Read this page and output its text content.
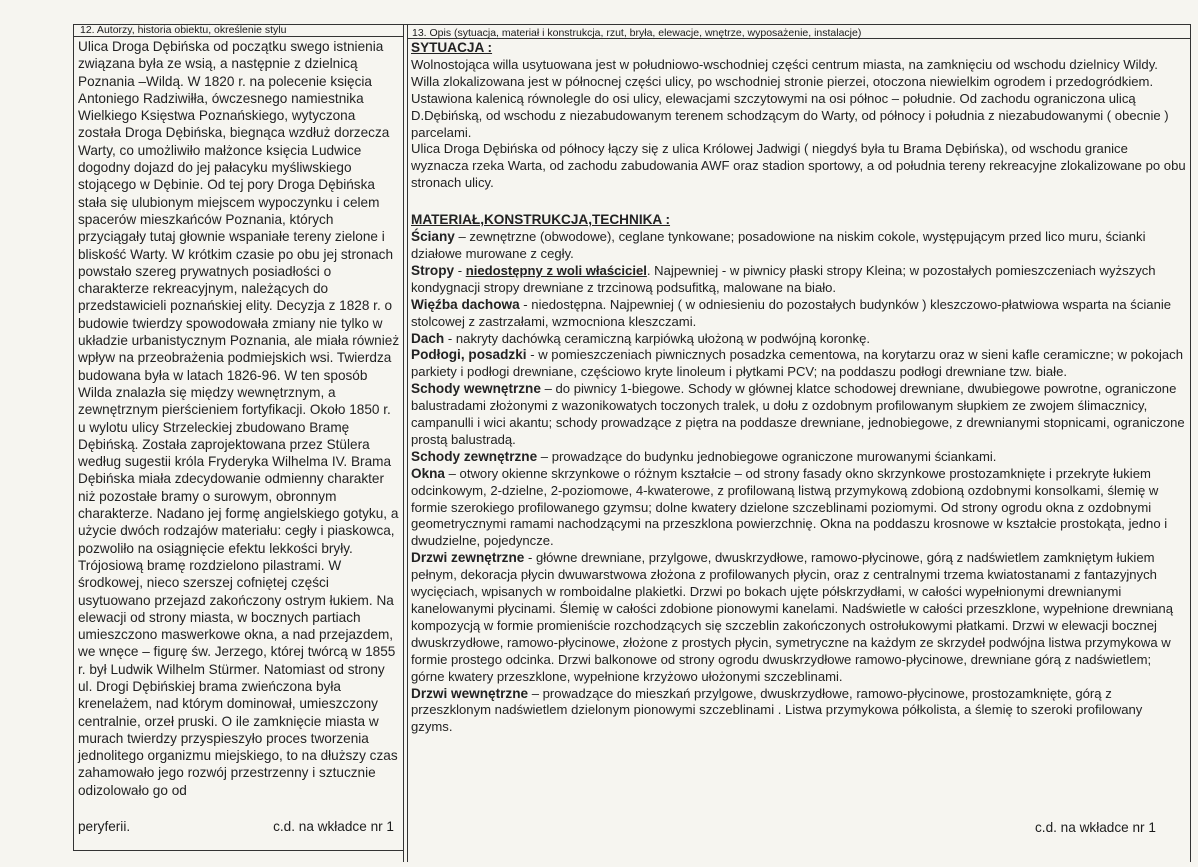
12. Autorzy, historia obiektu, określenie stylu	13. Opis (sytuacja, materiał i konstrukcja, rzut, bryła, elewacje, wnętrze, wyposażenie, instalacje)

Ulica Droga Dębińska od początku swego istnienia związana była ze wsią, a następnie z dzielnicą Poznania –Wildą. W 1820 r. na polecenie księcia Antoniego Radziwiłła, ówczesnego namiestnika Wielkiego Księstwa Poznańskiego, wytyczona została Droga Dębińska, biegnąca wzdłuż dorzecza Warty, co umożliwiło małżonce księcia Ludwice dogodny dojazd do jej pałacyku myśliwskiego stojącego w Dębinie. Od tej pory Droga Dębińska stała się ulubionym miejscem wypoczynku i celem spacerów mieszkańców Poznania, których przyciągały tutaj głownie wspaniałe tereny zielone i bliskość Warty. W krótkim czasie po obu jej stronach powstało szereg prywatnych posiadłości o charakterze rekreacyjnym, należących do przedstawicieli poznańskiej elity. Decyzja z 1828 r. o budowie twierdzy spowodowała zmiany nie tylko w układzie urbanistycznym Poznania, ale miała również wpływ na przeobrażenia podmiejskich wsi. Twierdza budowana była w latach 1826-96. W ten sposób Wilda znalazła się między wewnętrznym, a zewnętrznym pierścieniem fortyfikacji. Około 1850 r. u wylotu ulicy Strzeleckiej zbudowano Bramę Dębińską. Została zaprojektowana przez Stülera według sugestii króla Fryderyka Wilhelma IV. Brama Dębińska miała zdecydowanie odmienny charakter niż pozostałe bramy o surowym, obronnym charakterze. Nadano jej formę angielskiego gotyku, a użycie dwóch rodzajów materiału: cegły i piaskowca, pozwoliło na osiągnięcie efektu lekkości bryły. Trójosiową bramę rozdzielono pilastrami. W środkowej, nieco szerszej cofniętej części usytuowano przejazd zakończony ostrym łukiem. Na elewacji od strony miasta, w bocznych partiach umieszczono maswerkowe okna, a nad przejazdem, we wnęce – figurę św. Jerzego, której twórcą w 1855 r. był Ludwik Wilhelm Stürmer. Natomiast od strony ul. Drogi Dębińskiej brama zwieńczona była krenelażem, nad którym dominował, umieszczony centralnie, orzeł pruski. O ile zamknięcie miasta w murach twierdzy przyspieszyło proces tworzenia jednolitego organizmu miejskiego, to na dłuższy czas zahamowało jego rozwój przestrzenny i sztucznie odizolowało go od

peryferii.	c.d. na wkładce nr 1

SYTUACJA :

Wolnostojąca willa usytuowana jest w południowo-wschodniej części centrum miasta, na zamknięciu od wschodu dzielnicy Wildy. Willa zlokalizowana jest w północnej części ulicy, po wschodniej stronie pierzei, otoczona niewielkim ogrodem i przedogródkiem. Ustawiona kalenicą równolegle do osi ulicy, elewacjami szczytowymi na osi północ – południe. Od zachodu ograniczona ulicą D.Dębińską, od wschodu z niezabudowanym terenem schodzącym do Warty, od północy i południa z niezabudowanymi ( obecnie ) parcelami.

Ulica Droga Dębińska od północy łączy się z ulica Królowej Jadwigi ( niegdyś była tu Brama Dębińska), od wschodu granice wyznacza rzeka Warta, od zachodu zabudowania AWF oraz stadion sportowy, a od południa tereny rekreacyjne zlokalizowane po obu stronach ulicy.

MATERIAŁ,KONSTRUKCJA,TECHNIKA :

Ściany – zewnętrzne (obwodowe), ceglane tynkowane; posadowione na niskim cokole, występującym przed lico muru, ścianki działowe murowane z cegły.

Stropy - niedostępny z woli właściciel. Najpewniej - w piwnicy płaski stropy Kleina; w pozostałych pomieszczeniach wyższych kondygnacji stropy drewniane z trzcinową podsufitką, malowane na biało.

Więźba dachowa - niedostępna. Najpewniej ( w odniesieniu do pozostałych budynków ) kleszczowo-płatwiowa wsparta na ścianie stolcowej z zastrzałami, wzmocniona kleszczami.

Dach - nakryty dachówką ceramiczną karpiówką ułożoną w podwójną koronkę.

Podłogi, posadzki - w pomieszczeniach piwnicznych posadzka cementowa, na korytarzu oraz w sieni kafle ceramiczne; w pokojach parkiety i podłogi drewniane, częściowo kryte linoleum i płytkami PCV; na poddaszu podłogi drewniane tzw. białe.

Schody wewnętrzne – do piwnicy 1-biegowe. Schody w głównej klatce schodowej drewniane, dwubiegowe powrotne, ograniczone balustradami złożonymi z wazonikowatych toczonych tralek, u dołu z ozdobnym profilowanym słupkiem ze zwojem ślimacznicy, campanulli i wici akantu; schody prowadzące z piętra na poddasze drewniane, jednobiegowe, z drewnianymi stopnicami, ograniczone prostą balustradą.

Schody zewnętrzne – prowadzące do budynku jednobiegowe ograniczone murowanymi ściankami.

Okna – otwory okienne skrzynkowe o różnym kształcie – od strony fasady okno skrzynkowe prostozamknięte i przekryte łukiem odcinkowym, 2-dzielne, 2-poziomowe, 4-kwaterowe, z profilowaną listwą przymykową zdobioną ozdobnymi konsolkami, ślemię w formie szerokiego profilowanego gzymsu; dolne kwatery dzielone szczeblinami poziomymi. Od strony ogrodu okna z ozdobnymi geometrycznymi ramami nachodzącymi na przeszklona powierzchnię. Okna na poddaszu krosnowe w kształcie prostokąta, jedno i dwudzielne, pojedyncze.

Drzwi zewnętrzne - główne drewniane, przylgowe, dwuskrzydłowe, ramowo-płycinowe, górą z nadświetlem zamkniętym łukiem pełnym, dekoracja płycin dwuwarstwowa złożona z profilowanych płycin, oraz z centralnymi trzema kwiatostanami z fantazyjnych wycięciach, wpisanych w romboidalne plakietki. Drzwi po bokach ujęte półskrzydłami, w całości wypełnionymi drewnianymi kanelowanymi płycinami. Ślemię w całości zdobione pionowymi kanelami. Nadświetle w całości przeszklone, wypełnione drewnianą kompozycją w formie promieniście rozchodzących się szczeblin zakończonych ostrołukowymi płatkami. Drzwi w elewacji bocznej dwuskrzydłowe, ramowo-płycinowe, złożone z prostych płycin, symetryczne na każdym ze skrzydeł podwójna listwa przymykowa w formie prostego odcinka. Drzwi balkonowe od strony ogrodu dwuskrzydłowe ramowo-płycinowe, drewniane górą z nadświetlem; górne kwatery przeszklone, wypełnione krzyżowo ułożonymi szczeblinami.

Drzwi wewnętrzne – prowadzące do mieszkań przylgowe, dwuskrzydłowe, ramowo-płycinowe, prostozamknięte, górą z przeszklonym nadświetlem dzielonym pionowymi szczeblinami . Listwa przymykowa półkolista, a ślemię to szeroki profilowany gzyms.

c.d. na wkładce nr 1
